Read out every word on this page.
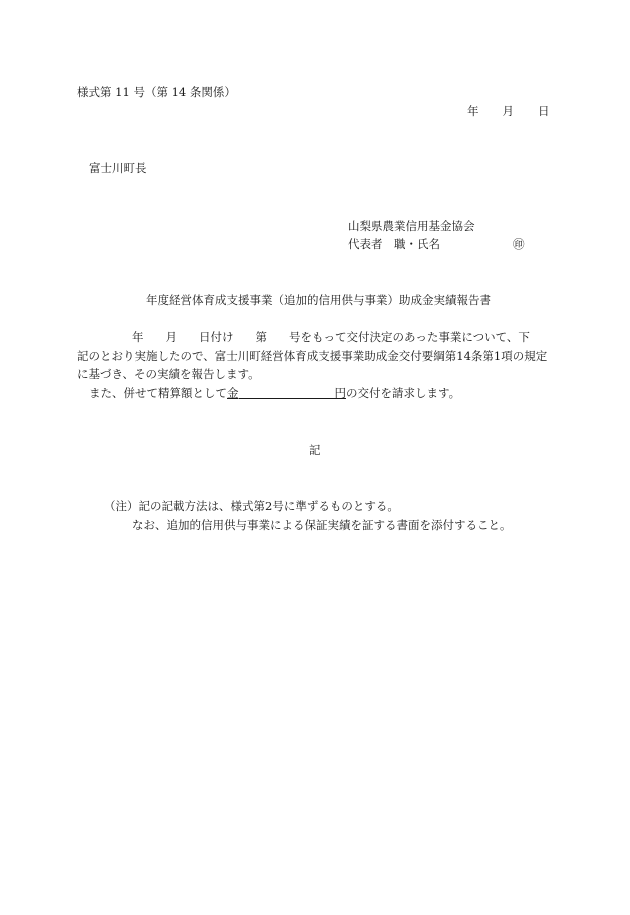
様式第 11 号（第 14 条関係）
年 月 日
富士川町長
山梨県農業信用基金協会
代表者　職・氏名	㊞
年度経営体育成支援事業（追加的信用供与事業）助成金実績報告書
年 月 日付け 第 号をもって交付決定のあった事業について、下
記のとおり実施したので、富士川町経営体育成支援事業助成金交付要綱第14条第1項の規定
に基づき、その実績を報告します。
また、併せて精算額として金	円の交付を請求します。
記
（注）記の記載方法は、様式第2号に準ずるものとする。
なお、追加的信用供与事業による保証実績を証する書面を添付すること。
